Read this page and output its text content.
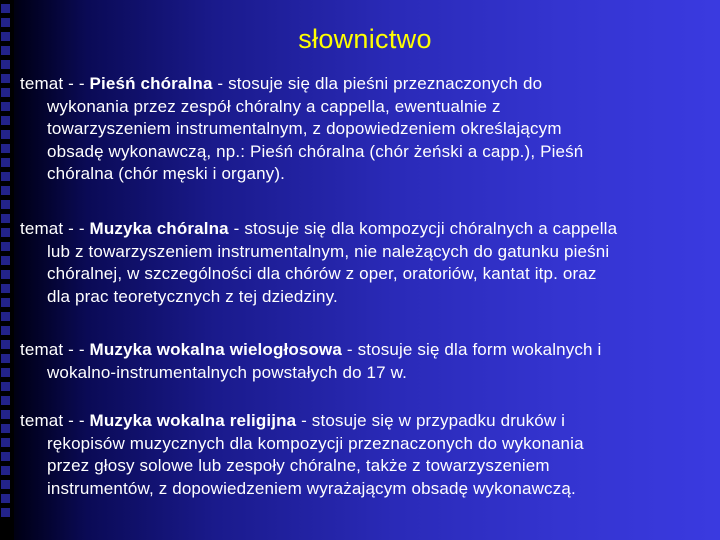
słownictwo
temat - - Pieśń chóralna - stosuje się dla pieśni przeznaczonych do
wykonania przez zespół chóralny a cappella, ewentualnie z
towarzyszeniem instrumentalnym, z dopowiedzeniem określającym
obsadę wykonawczą, np.: Pieśń chóralna (chór żeński a capp.), Pieśń
chóralna (chór męski i organy).
temat - - Muzyka chóralna - stosuje się dla kompozycji chóralnych a cappella
lub z towarzyszeniem instrumentalnym, nie należących do gatunku pieśni
chóralnej, w szczególności dla chórów z oper, oratoriów, kantat itp. oraz
dla prac teoretycznych z tej dziedziny.
temat - - Muzyka wokalna wielogłosowa - stosuje się dla form wokalnych i
wokalno-instrumentalnych powstałych do 17 w.
temat - - Muzyka wokalna religijna - stosuje się w przypadku druków i
rękopisów muzycznych dla kompozycji przeznaczonych do wykonania
przez głosy solowe lub zespoły chóralne, także z towarzyszeniem
instrumentów, z dopowiedzeniem wyrażającym obsadę wykonawczą.
